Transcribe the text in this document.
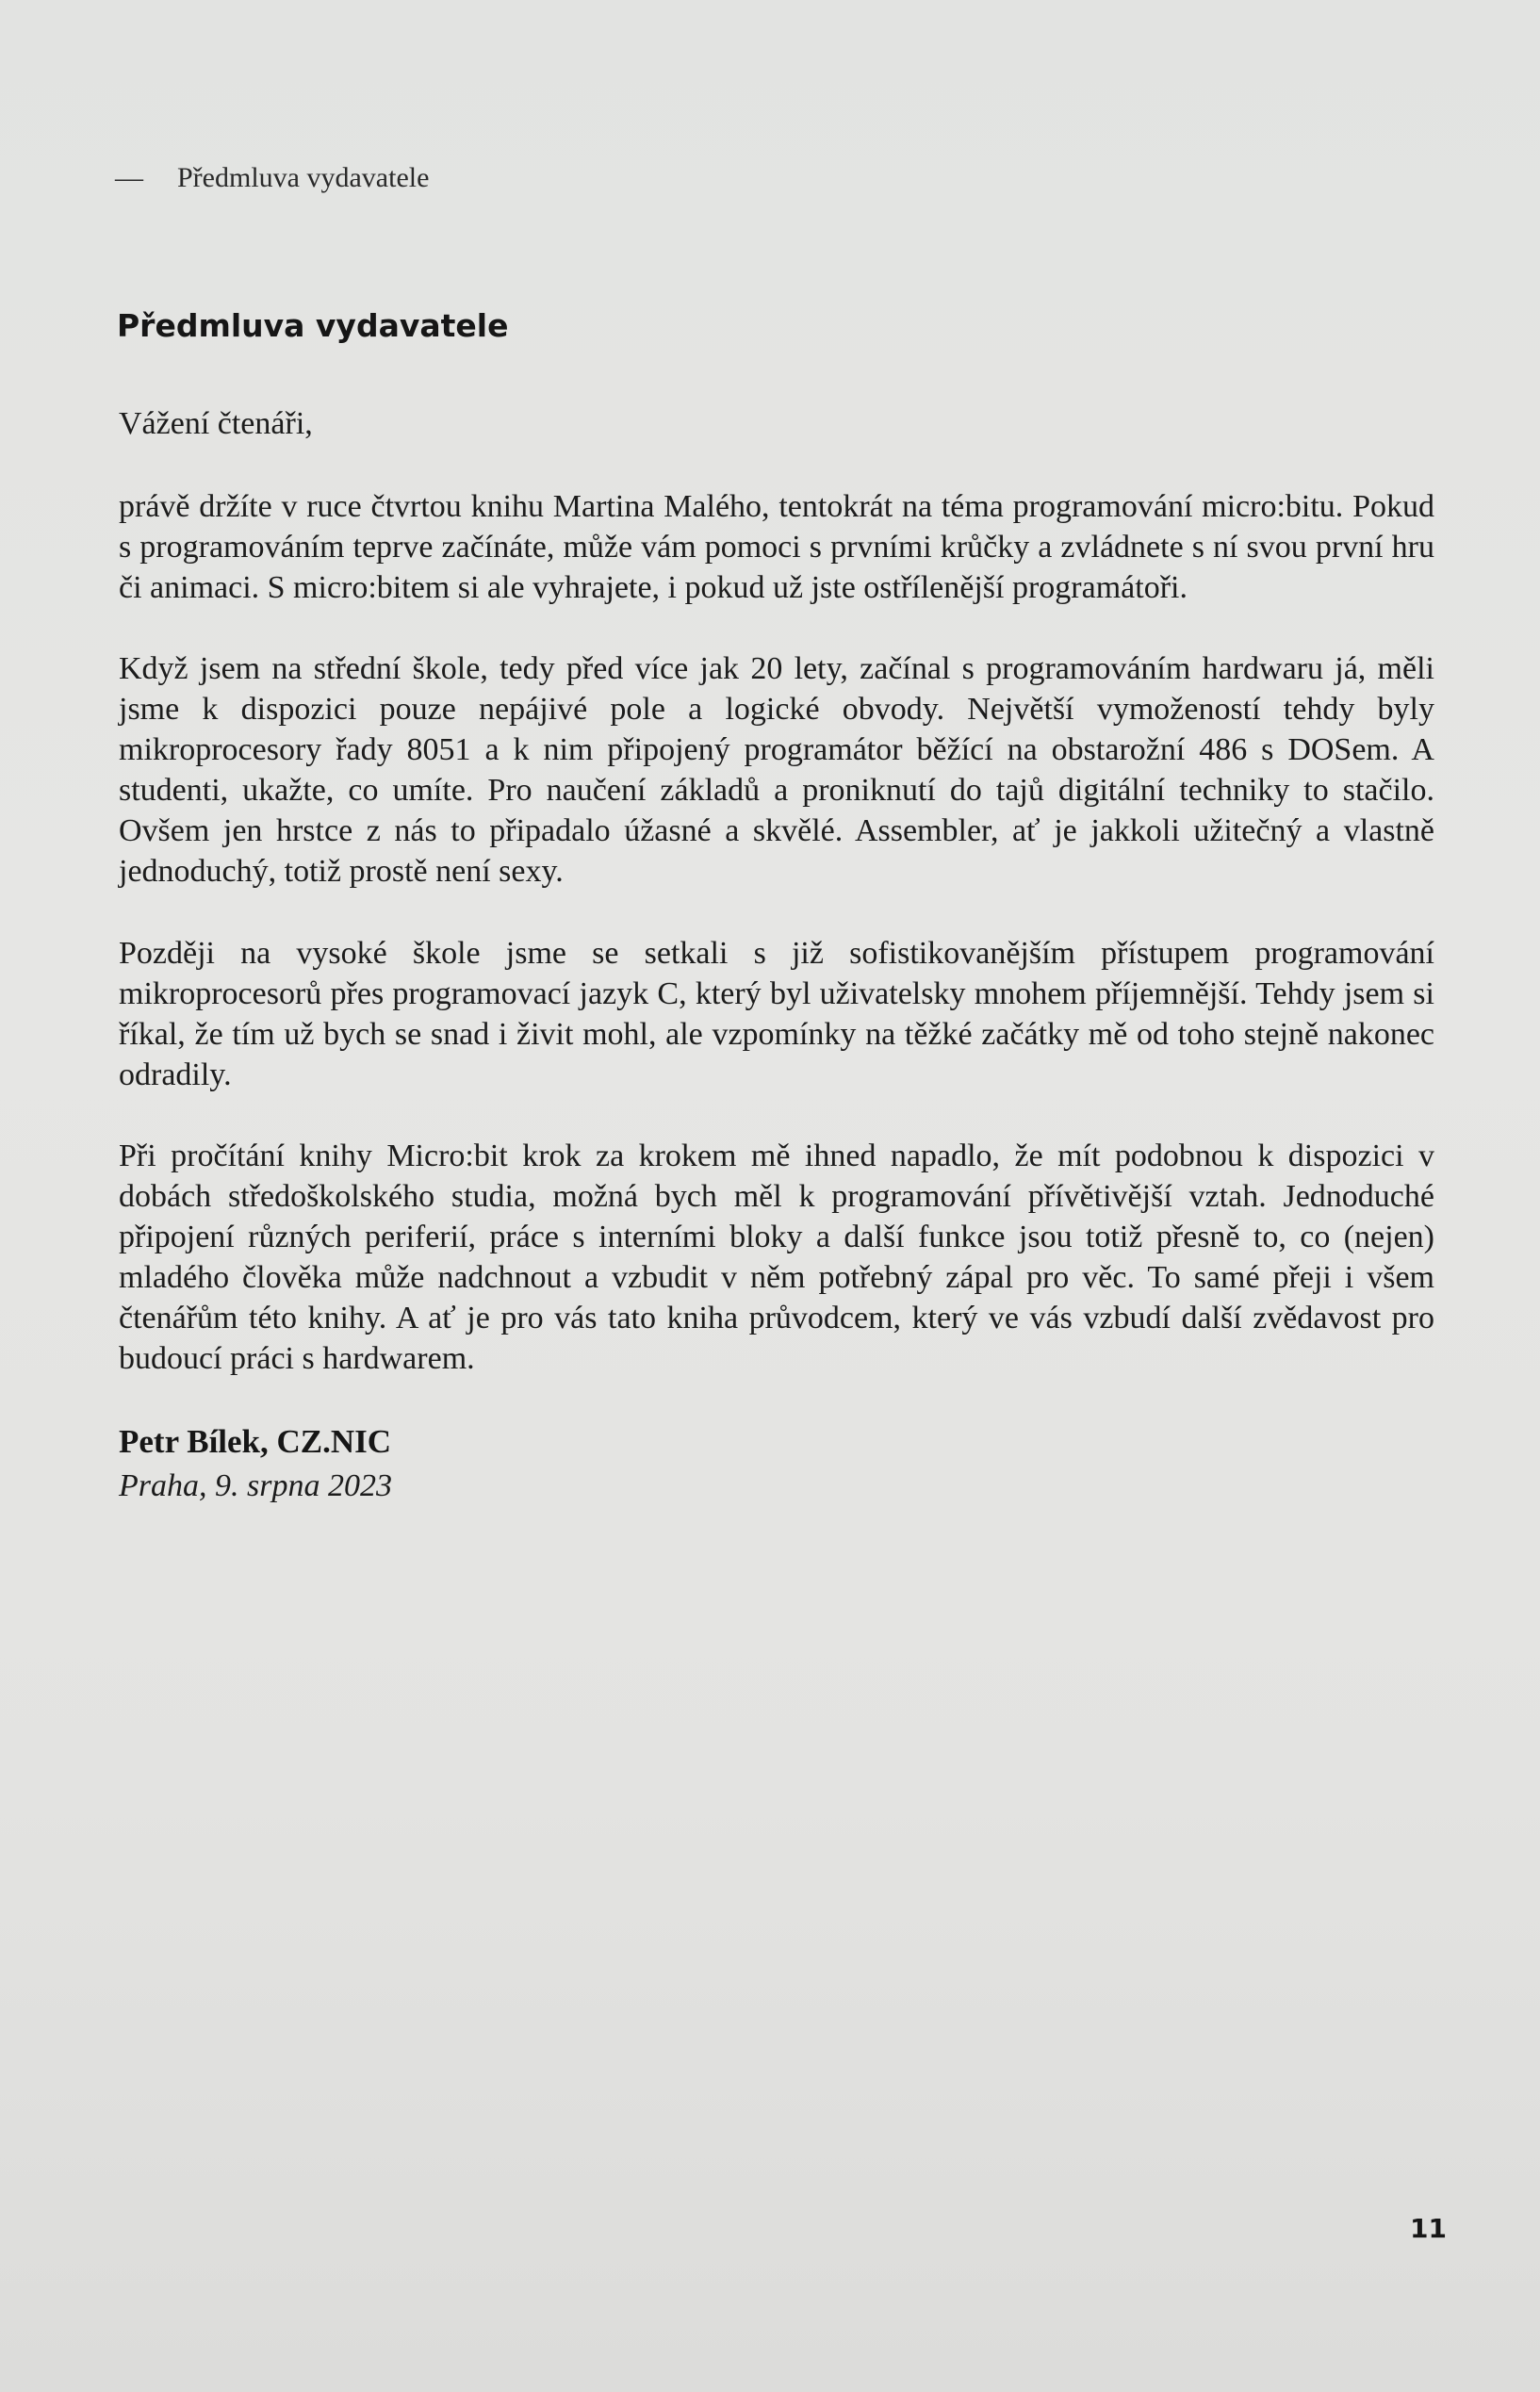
— Předmluva vydavatele
Předmluva vydavatele

Vážení čtenáři,

právě držíte v ruce čtvrtou knihu Martina Malého, tentokrát na téma programování micro:bitu. Pokud s programováním teprve začínáte, může vám pomoci s prvními krůčky a zvládnete s ní svou první hru či animaci. S micro:bitem si ale vyhrajete, i pokud už jste ostřílenější programátoři.

Když jsem na střední škole, tedy před více jak 20 lety, začínal s programováním hardwaru já, měli jsme k dispozici pouze nepájivé pole a logické obvody. Největší vymožeností tehdy byly mikroprocesory řady 8051 a k nim připojený programátor běžící na obstarožní 486 s DOSem. A studenti, ukažte, co umíte. Pro naučení základů a proniknutí do tajů digitální techniky to stačilo. Ovšem jen hrstce z nás to připadalo úžasné a skvělé. Assembler, ať je jakkoli užitečný a vlastně jednoduchý, totiž prostě není sexy.

Později na vysoké škole jsme se setkali s již sofistikovanějším přístupem programování mikroprocesorů přes programovací jazyk C, který byl uživatelsky mnohem příjemnější. Tehdy jsem si říkal, že tím už bych se snad i živit mohl, ale vzpomínky na těžké začátky mě od toho stejně nakonec odradily.

Při pročítání knihy Micro:bit krok za krokem mě ihned napadlo, že mít podobnou k dispozici v dobách středoškolského studia, možná bych měl k programování přívětivější vztah. Jednoduché připojení různých periferií, práce s interními bloky a další funkce jsou totiž přesně to, co (nejen) mladého člověka může nadchnout a vzbudit v něm potřebný zápal pro věc. To samé přeji i všem čtenářům této knihy. A ať je pro vás tato kniha průvodcem, který ve vás vzbudí další zvědavost pro budoucí práci s hardwarem.

Petr Bílek, CZ.NIC
Praha, 9. srpna 2023
11
